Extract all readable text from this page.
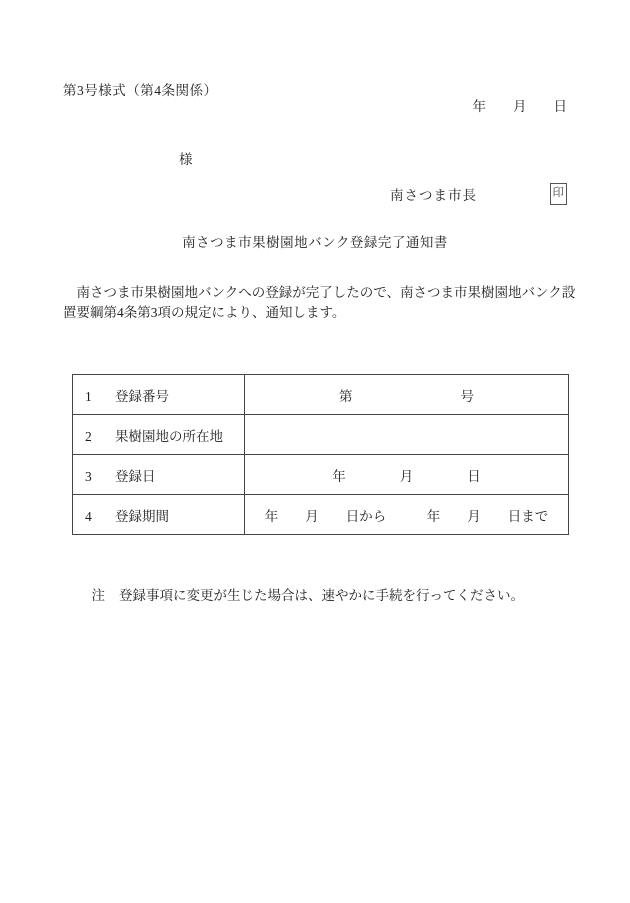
第3号様式（第4条関係）
年　　月　　日
様
南さつま市長	印
南さつま市果樹園地バンク登録完了通知書
　南さつま市果樹園地バンクへの登録が完了したので、南さつま市果樹園地バンク設
置要綱第4条第3項の規定により、通知します。
1 登録番号	第　　　　　　　　号
2 果樹園地の所在地	
3 登録日	年　　　　月　　　　日
4 登録期間	年　　月　　日から　　　年　　月　　日まで

注 登録事項に変更が生じた場合は、速やかに手続を行ってください。
